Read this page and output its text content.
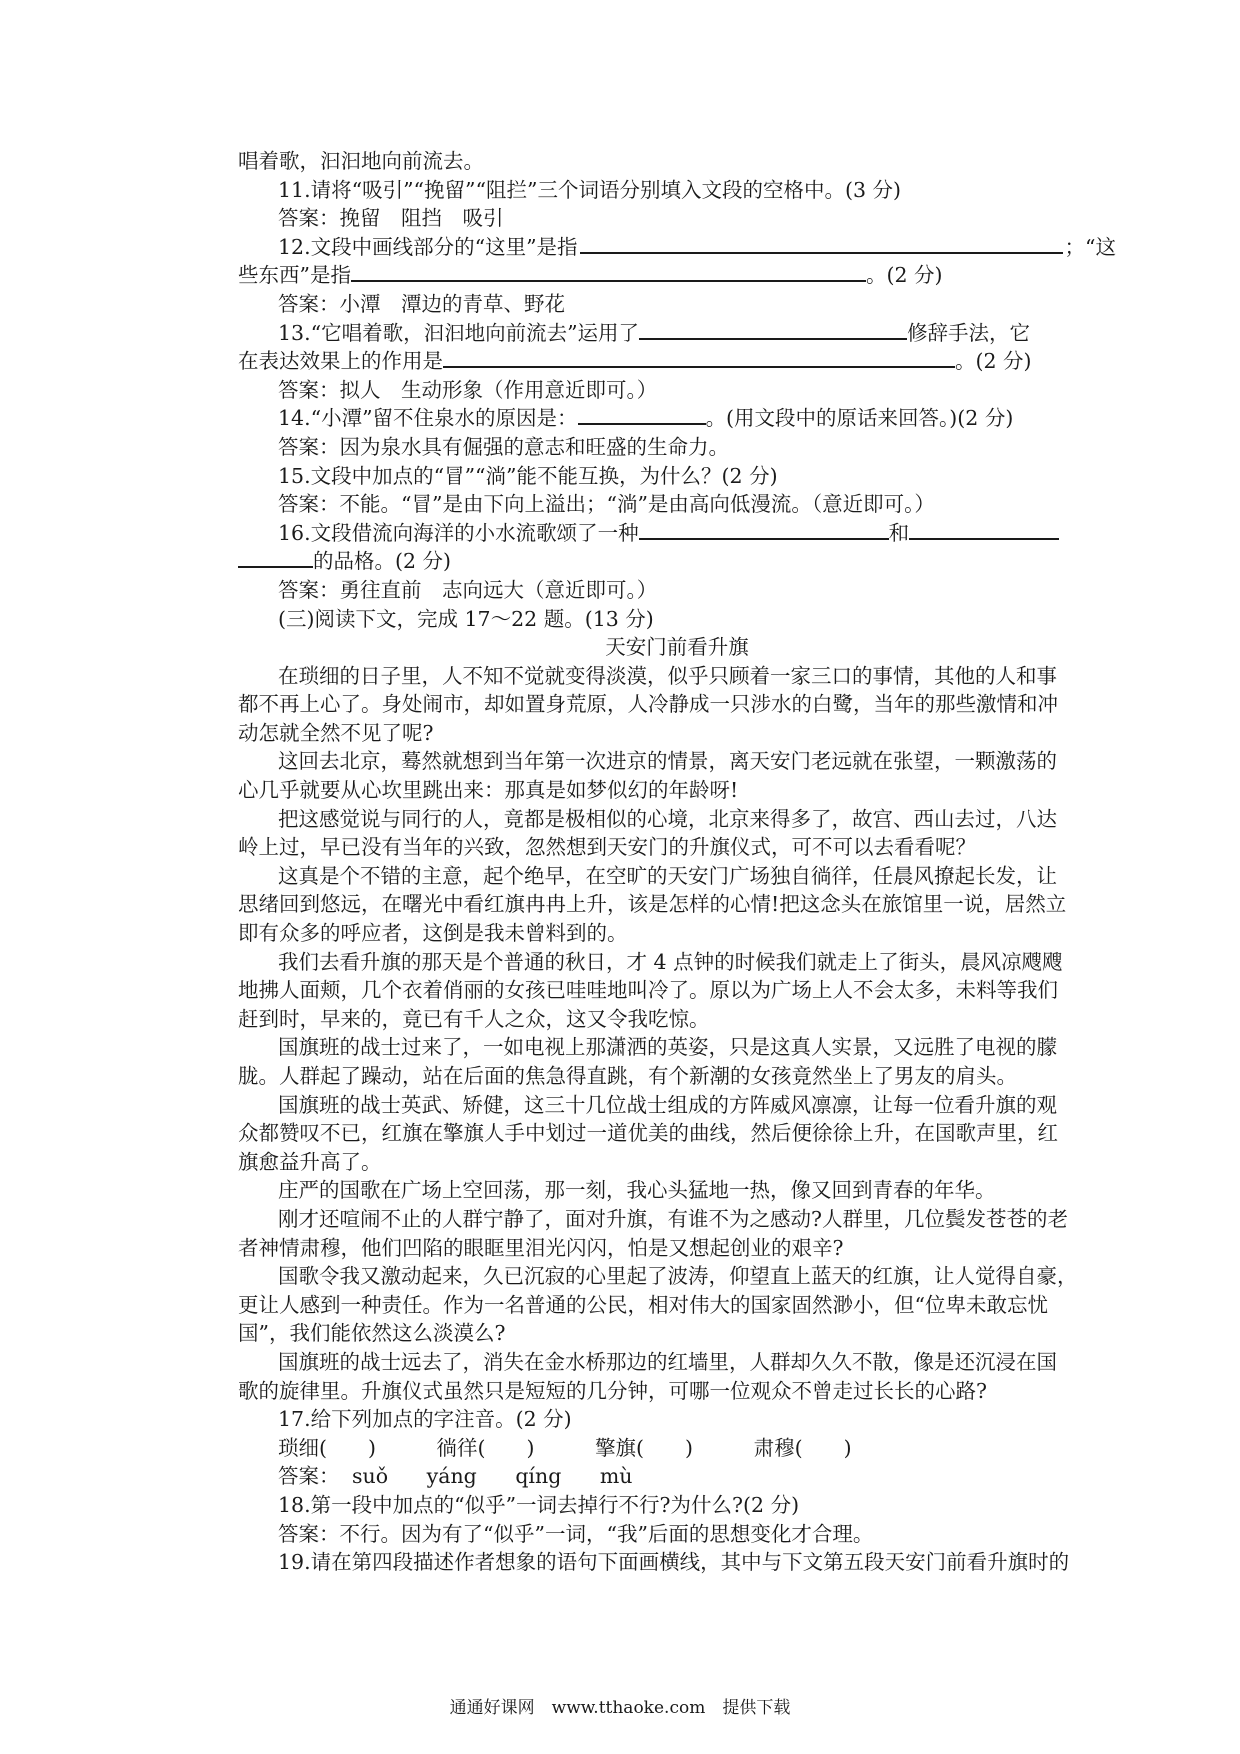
唱着歌，汩汩地向前流去。
11.请将“吸引”“挽留”“阻拦”三个词语分别填入文段的空格中。(3 分)
答案：挽留　阻挡　吸引
12.文段中画线部分的“这里”是指	；“这
些东西”是指	。(2 分)
答案：小潭　潭边的青草、野花
13.“它唱着歌，汩汩地向前流去”运用了	修辞手法，它
在表达效果上的作用是	。(2 分)
答案：拟人　生动形象（作用意近即可。）
14.“小潭”留不住泉水的原因是：	。(用文段中的原话来回答。)(2 分)
答案：因为泉水具有倔强的意志和旺盛的生命力。
15.文段中加点的“冒”“淌”能不能互换，为什么？(2 分)
答案：不能。“冒”是由下向上溢出；“淌”是由高向低漫流。（意近即可。）
16.文段借流向海洋的小水流歌颂了一种	和
的品格。(2 分)
答案：勇往直前　志向远大（意近即可。）
(三)阅读下文，完成 17～22 题。(13 分)
天安门前看升旗
在琐细的日子里，人不知不觉就变得淡漠，似乎只顾着一家三口的事情，其他的人和事
都不再上心了。身处闹市，却如置身荒原，人冷静成一只涉水的白鹭，当年的那些激情和冲
动怎就全然不见了呢?
这回去北京，蓦然就想到当年第一次进京的情景，离天安门老远就在张望，一颗激荡的
心几乎就要从心坎里跳出来：那真是如梦似幻的年龄呀!
把这感觉说与同行的人，竟都是极相似的心境，北京来得多了，故宫、西山去过，八达
岭上过，早已没有当年的兴致，忽然想到天安门的升旗仪式，可不可以去看看呢？
这真是个不错的主意，起个绝早，在空旷的天安门广场独自徜徉，任晨风撩起长发，让
思绪回到悠远，在曙光中看红旗冉冉上升，该是怎样的心情!把这念头在旅馆里一说，居然立
即有众多的呼应者，这倒是我未曾料到的。
我们去看升旗的那天是个普通的秋日，才 4 点钟的时候我们就走上了街头，晨风凉飕飕
地拂人面颊，几个衣着俏丽的女孩已哇哇地叫冷了。原以为广场上人不会太多，未料等我们
赶到时，早来的，竟已有千人之众，这又令我吃惊。
国旗班的战士过来了，一如电视上那潇洒的英姿，只是这真人实景，又远胜了电视的朦
胧。人群起了躁动，站在后面的焦急得直跳，有个新潮的女孩竟然坐上了男友的肩头。
国旗班的战士英武、矫健，这三十几位战士组成的方阵威风凛凛，让每一位看升旗的观
众都赞叹不已，红旗在擎旗人手中划过一道优美的曲线，然后便徐徐上升，在国歌声里，红
旗愈益升高了。
庄严的国歌在广场上空回荡，那一刻，我心头猛地一热，像又回到青春的年华。
刚才还喧闹不止的人群宁静了，面对升旗，有谁不为之感动?人群里，几位鬓发苍苍的老
者神情肃穆，他们凹陷的眼眶里泪光闪闪，怕是又想起创业的艰辛?
国歌令我又激动起来，久已沉寂的心里起了波涛，仰望直上蓝天的红旗，让人觉得自豪，
更让人感到一种责任。作为一名普通的公民，相对伟大的国家固然渺小，但“位卑未敢忘忧
国”，我们能依然这么淡漠么?
国旗班的战士远去了，消失在金水桥那边的红墙里，人群却久久不散，像是还沉浸在国
歌的旋律里。升旗仪式虽然只是短短的几分钟，可哪一位观众不曾走过长长的心路?
17.给下列加点的字注音。(2 分)
琐细(　　)	徜徉(　　)	擎旗(　　)	肃穆(　　)
答案： suǒ yáng qíng mù
18.第一段中加点的“似乎”一词去掉行不行?为什么?(2 分)
答案：不行。因为有了“似乎”一词，“我”后面的思想变化才合理。
19.请在第四段描述作者想象的语句下面画横线，其中与下文第五段天安门前看升旗时的
通通好课网　www.tthaoke.com　提供下载
